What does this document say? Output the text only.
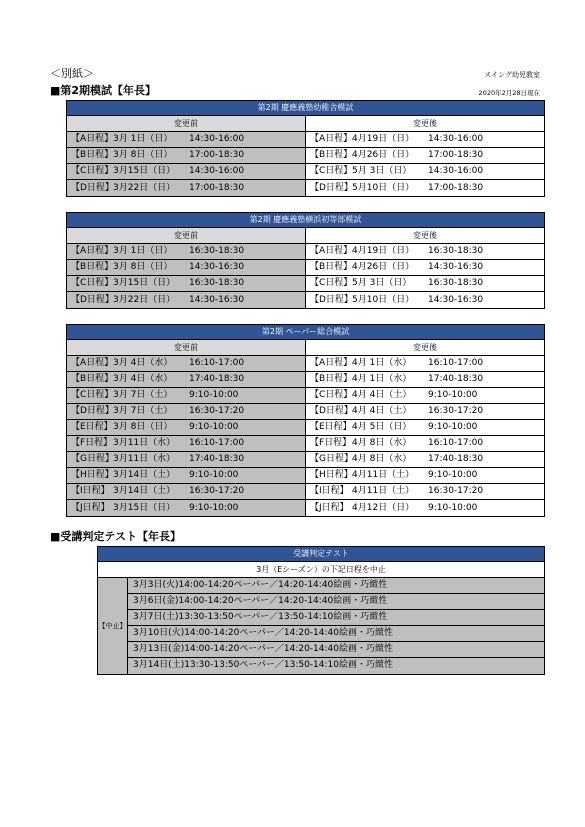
＜別紙＞	スイング幼児教室
■第2期模試【年長】	2020年2月28日現在
第2期 慶應義塾幼稚舎模試
変更前	変更後
【A日程】 3月 1日（日）	14:30-16:00	【A日程】 4月19日（日）	14:30-16:00
【B日程】 3月 8日（日）	17:00-18:30	【B日程】 4月26日（日）	17:00-18:30
【C日程】 3月15日（日）	14:30-16:00	【C日程】 5月 3日（日）	14:30-16:00
【D日程】 3月22日（日）	17:00-18:30	【D日程】 5月10日（日）	17:00-18:30
第2期 慶應義塾横浜初等部模試
変更前	変更後
【A日程】 3月 1日（日）	16:30-18:30	【A日程】 4月19日（日）	16:30-18:30
【B日程】 3月 8日（日）	14:30-16:30	【B日程】 4月26日（日）	14:30-16:30
【C日程】 3月15日（日）	16:30-18:30	【C日程】 5月 3日（日）	16:30-18:30
【D日程】 3月22日（日）	14:30-16:30	【D日程】 5月10日（日）	14:30-16:30
第2期 ペーパー総合模試
変更前	変更後
【A日程】 3月 4日（水）	16:10-17:00	【A日程】 4月 1日（水）	16:10-17:00
【B日程】 3月 4日（水）	17:40-18:30	【B日程】 4月 1日（水）	17:40-18:30
【C日程】 3月 7日（土）	9:10-10:00	【C日程】 4月 4日（土）	9:10-10:00
【D日程】 3月 7日（土）	16:30-17:20	【D日程】 4月 4日（土）	16:30-17:20
【E日程】 3月 8日（日）	9:10-10:00	【E日程】 4月 5日（日）	9:10-10:00
【F日程】 3月11日（水）	16:10-17:00	【F日程】 4月 8日（水）	16:10-17:00
【G日程】 3月11日（水）	17:40-18:30	【G日程】 4月 8日（水）	17:40-18:30
【H日程】 3月14日（土）	9:10-10:00	【H日程】 4月11日（土）	9:10-10:00
【I日程】 3月14日（土）	16:30-17:20	【I日程】 4月11日（土）	16:30-17:20
【J日程】 3月15日（日）	9:10-10:00	【J日程】 4月12日（日）	9:10-10:00
■受講判定テスト【年長】
受講判定テスト
3月（Eシーズン）の下記日程を中止
【中止】
3月3日(火)14:00-14:20ペーパー／14:20-14:40絵画・巧緻性
3月6日(金)14:00-14:20ペーパー／14:20-14:40絵画・巧緻性
3月7日(土)13:30-13:50ペーパー／13:50-14:10絵画・巧緻性
3月10日(火)14:00-14:20ペーパー／14:20-14:40絵画・巧緻性
3月13日(金)14:00-14:20ペーパー／14:20-14:40絵画・巧緻性
3月14日(土)13:30-13:50ペーパー／13:50-14:10絵画・巧緻性
